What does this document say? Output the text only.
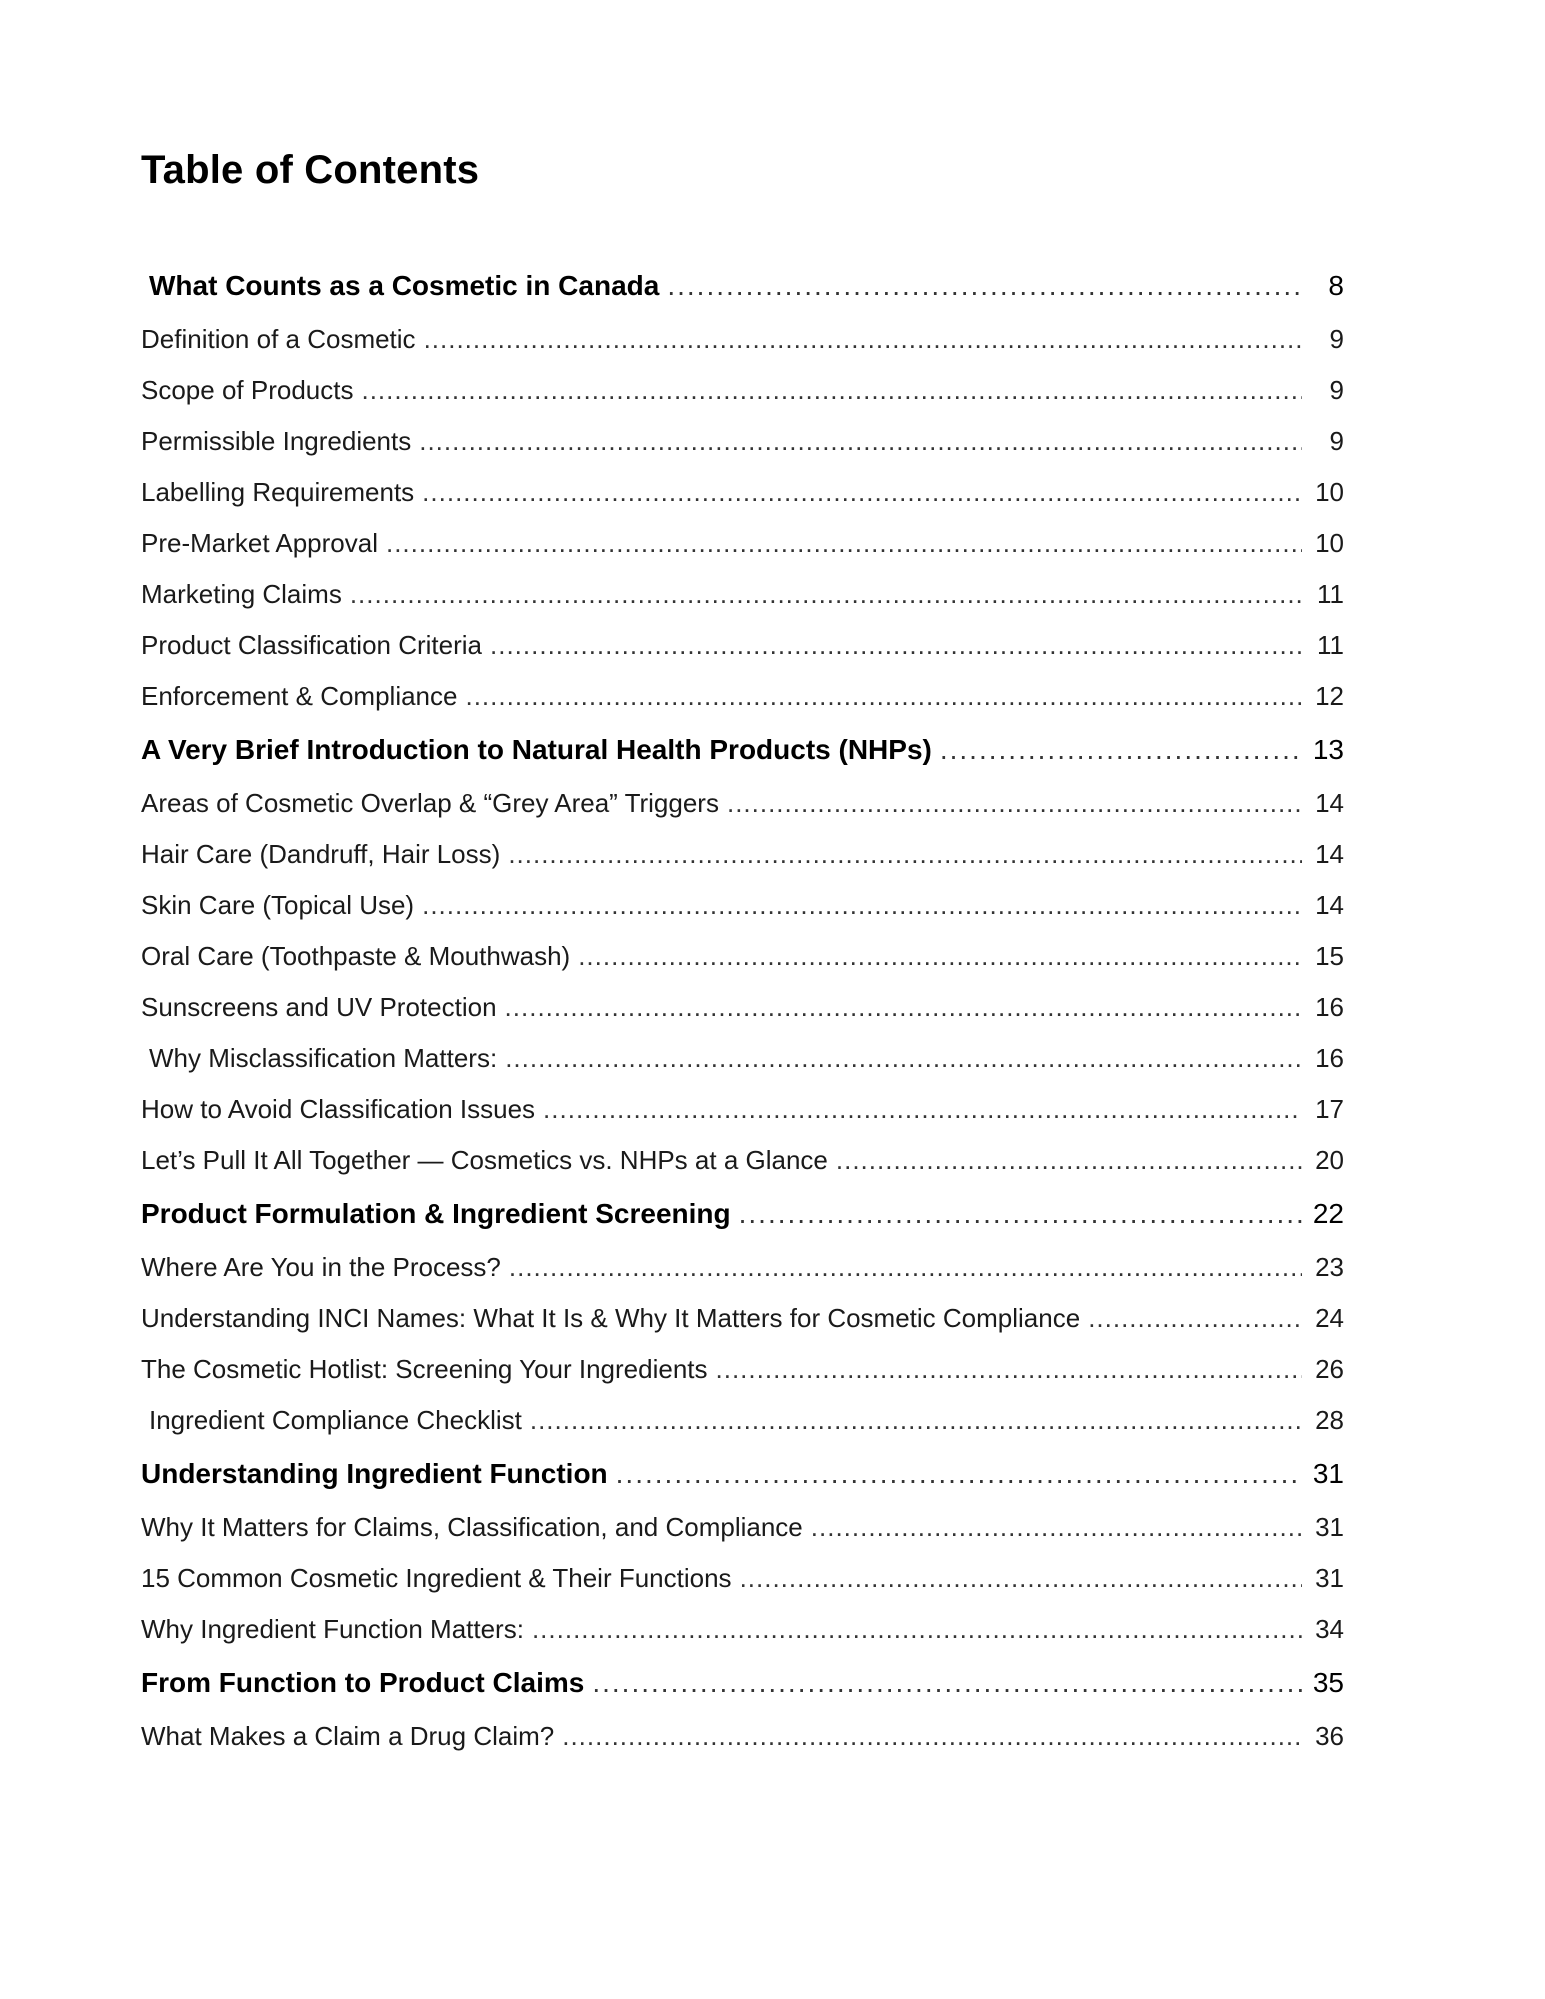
Table of Contents
What Counts as a Cosmetic in Canada .....	8
Definition of a Cosmetic .....	9
Scope of Products .....	9
Permissible Ingredients .....	9
Labelling Requirements .....	10
Pre-Market Approval .....	10
Marketing Claims .....	11
Product Classification Criteria .....	11
Enforcement & Compliance .....	12
A Very Brief Introduction to Natural Health Products (NHPs) .....	13
Areas of Cosmetic Overlap & “Grey Area” Triggers .....	14
Hair Care (Dandruff, Hair Loss) .....	14
Skin Care (Topical Use) .....	14
Oral Care (Toothpaste & Mouthwash) .....	15
Sunscreens and UV Protection .....	16
Why Misclassification Matters: .....	16
How to Avoid Classification Issues .....	17
Let’s Pull It All Together — Cosmetics vs. NHPs at a Glance .....	20
Product Formulation & Ingredient Screening .....	22
Where Are You in the Process? .....	23
Understanding INCI Names: What It Is & Why It Matters for Cosmetic Compliance .....	24
The Cosmetic Hotlist: Screening Your Ingredients .....	26
Ingredient Compliance Checklist .....	28
Understanding Ingredient Function .....	31
Why It Matters for Claims, Classification, and Compliance .....	31
15 Common Cosmetic Ingredient & Their Functions .....	31
Why Ingredient Function Matters: .....	34
From Function to Product Claims .....	35
What Makes a Claim a Drug Claim? .....	36
